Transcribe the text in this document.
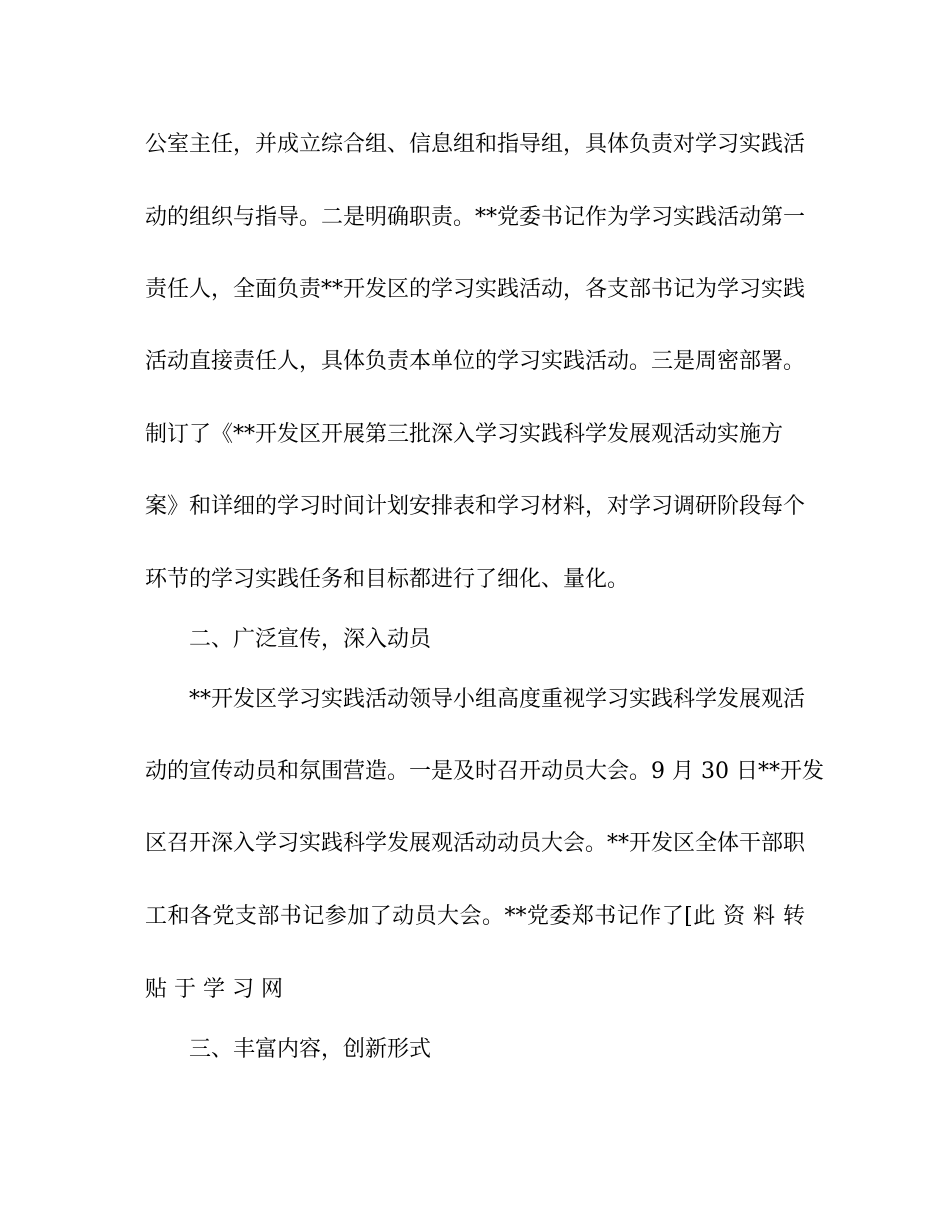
公室主任，并成立综合组、信息组和指导组，具体负责对学习实践活
动的组织与指导。二是明确职责。**党委书记作为学习实践活动第一
责任人，全面负责**开发区的学习实践活动，各支部书记为学习实践
活动直接责任人，具体负责本单位的学习实践活动。三是周密部署。
制订了《**开发区开展第三批深入学习实践科学发展观活动实施方
案》和详细的学习时间计划安排表和学习材料，对学习调研阶段每个
环节的学习实践任务和目标都进行了细化、量化。
二、广泛宣传，深入动员
**开发区学习实践活动领导小组高度重视学习实践科学发展观活
动的宣传动员和氛围营造。一是及时召开动员大会。9 月 30 日**开发
区召开深入学习实践科学发展观活动动员大会。**开发区全体干部职
工和各党支部书记参加了动员大会。**党委郑书记作了[此 资 料 转
贴 于 学 习 网
三、丰富内容，创新形式
